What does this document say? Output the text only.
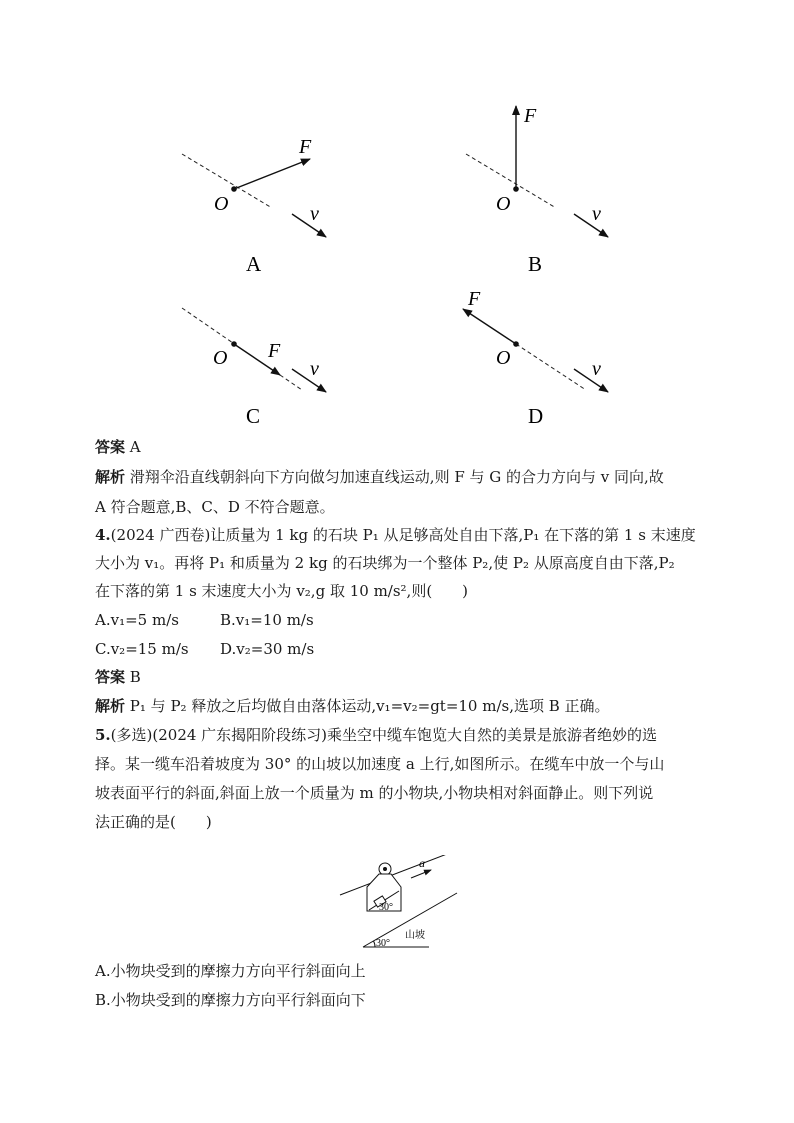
F
O	v
A
F
O	v
B
F
O	v
C
F
O	v
D
答案 A
解析 滑翔伞沿直线朝斜向下方向做匀加速直线运动,则 F 与 G 的合力方向与 v 同向,故
A 符合题意,B、C、D 不符合题意。
4.(2024 广西卷)让质量为 1 kg 的石块 P₁ 从足够高处自由下落,P₁ 在下落的第 1 s 末速度
大小为 v₁。再将 P₁ 和质量为 2 kg 的石块绑为一个整体 P₂,使 P₂ 从原高度自由下落,P₂
在下落的第 1 s 末速度大小为 v₂,g 取 10 m/s²,则(　　)
A.v₁=5 m/s	B.v₁=10 m/s
C.v₂=15 m/s D.v₂=30 m/s
答案 B
解析 P₁ 与 P₂ 释放之后均做自由落体运动,v₁=v₂=gt=10 m/s,选项 B 正确。
5.(多选)(2024 广东揭阳阶段练习)乘坐空中缆车饱览大自然的美景是旅游者绝妙的选
择。某一缆车沿着坡度为 30° 的山坡以加速度 a 上行,如图所示。在缆车中放一个与山
坡表面平行的斜面,斜面上放一个质量为 m 的小物块,小物块相对斜面静止。则下列说
法正确的是(　　)
30°
a
30°
山坡
A.小物块受到的摩擦力方向平行斜面向上
B.小物块受到的摩擦力方向平行斜面向下
